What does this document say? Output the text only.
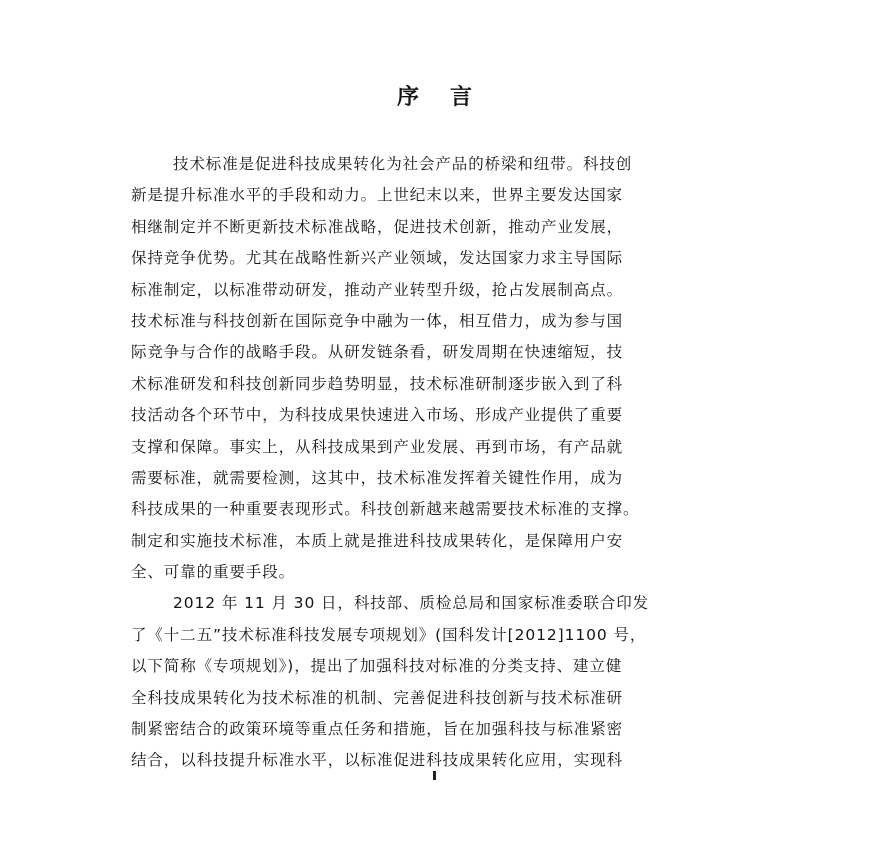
序 言
技术标准是促进科技成果转化为社会产品的桥梁和纽带。科技创
新是提升标准水平的手段和动力。上世纪末以来，世界主要发达国家
相继制定并不断更新技术标准战略，促进技术创新，推动产业发展，
保持竞争优势。尤其在战略性新兴产业领域，发达国家力求主导国际
标准制定，以标准带动研发，推动产业转型升级，抢占发展制高点。
技术标准与科技创新在国际竞争中融为一体，相互借力，成为参与国
际竞争与合作的战略手段。从研发链条看，研发周期在快速缩短，技
术标准研发和科技创新同步趋势明显，技术标准研制逐步嵌入到了科
技活动各个环节中，为科技成果快速进入市场、形成产业提供了重要
支撑和保障。事实上，从科技成果到产业发展、再到市场，有产品就
需要标准，就需要检测，这其中，技术标准发挥着关键性作用，成为
科技成果的一种重要表现形式。科技创新越来越需要技术标准的支撑。
制定和实施技术标准，本质上就是推进科技成果转化，是保障用户安
全、可靠的重要手段。
2012 年 11 月 30 日，科技部、质检总局和国家标准委联合印发
了《十二五”技术标准科技发展专项规划》(国科发计[2012]1100 号，
以下简称《专项规划》)，提出了加强科技对标准的分类支持、建立健
全科技成果转化为技术标准的机制、完善促进科技创新与技术标准研
制紧密结合的政策环境等重点任务和措施，旨在加强科技与标准紧密
结合，以科技提升标准水平，以标准促进科技成果转化应用，实现科
